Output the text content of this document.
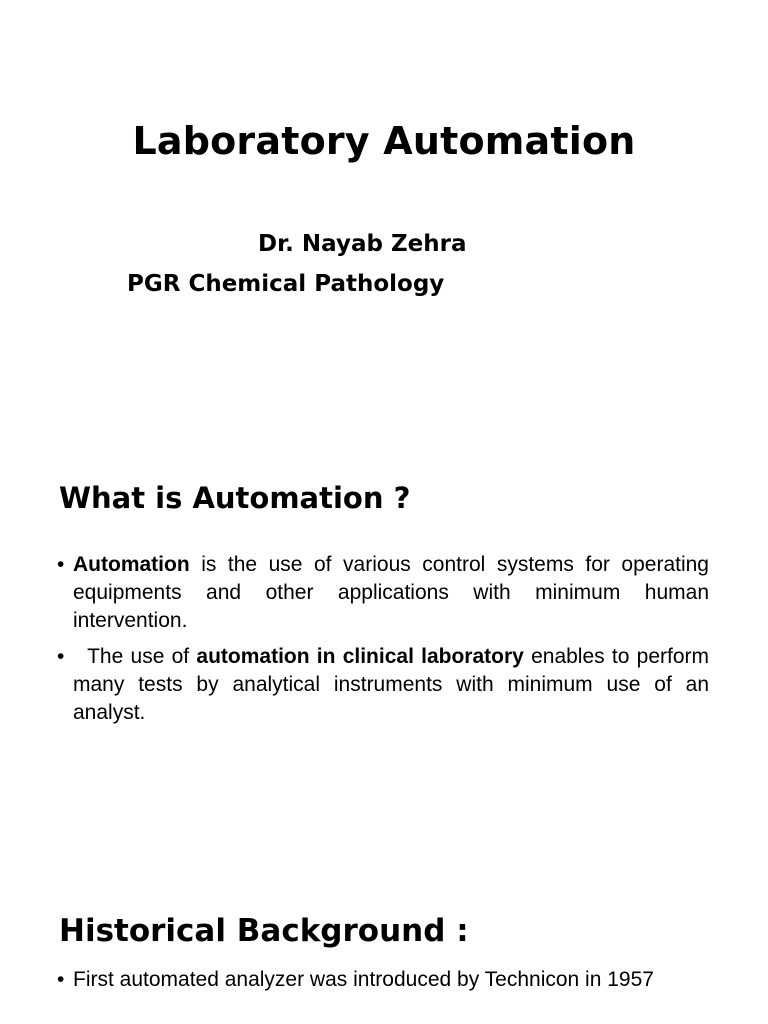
Laboratory Automation
Dr. Nayab Zehra
PGR Chemical Pathology
What is Automation ?
• Automation is the use of various control systems for operating equipments and other applications with minimum human intervention.
• The use of automation in clinical laboratory enables to perform many tests by analytical instruments with minimum use of an analyst.
Historical Background :
• First automated analyzer was introduced by Technicon in 1957
